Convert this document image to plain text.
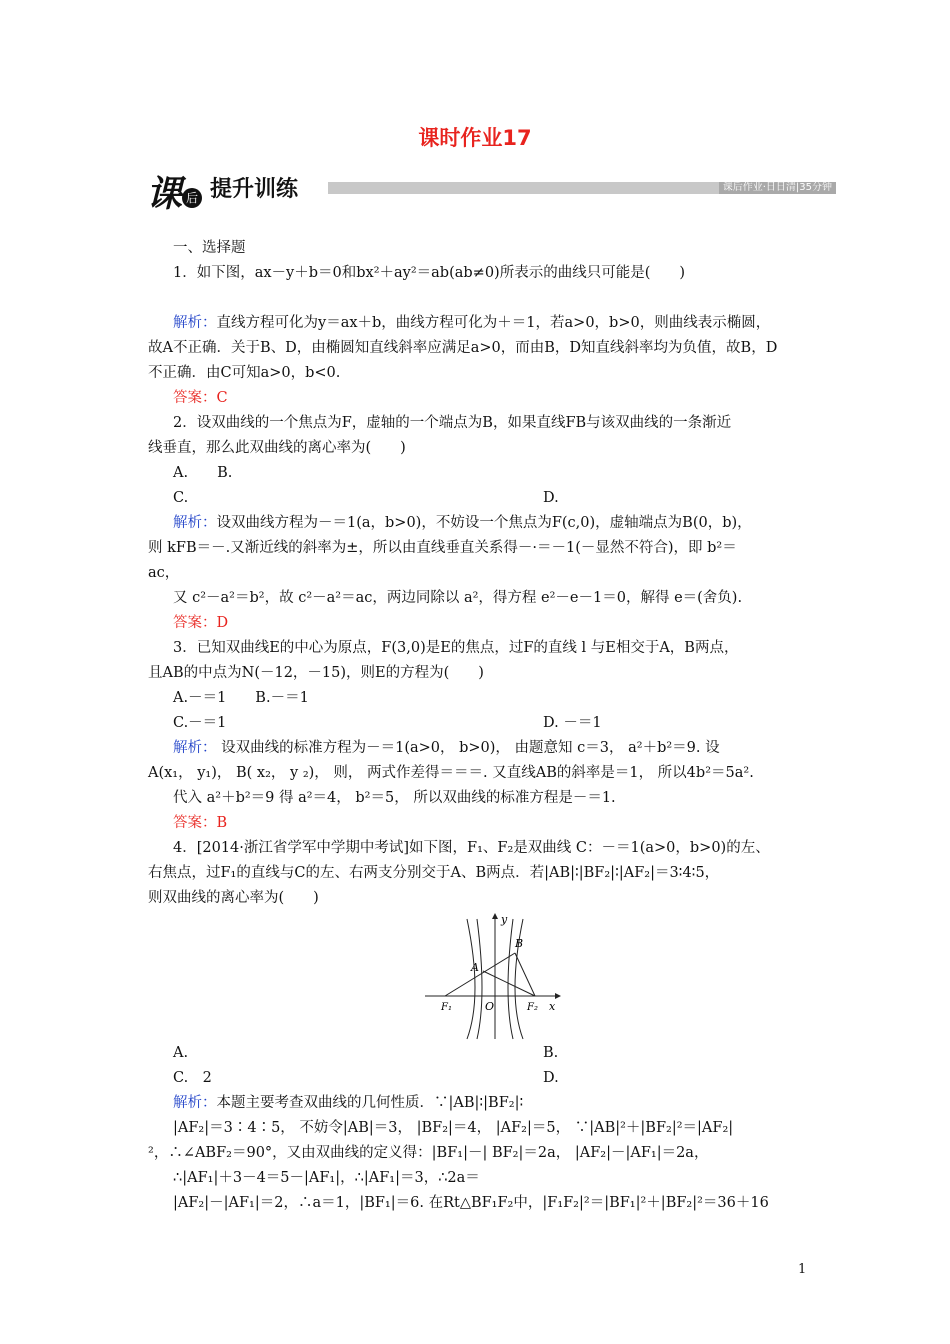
课时作业17
课 后 提升训练	课后作业·日日清|35分钟

一、选择题

1．如下图，ax－y＋b＝0和bx²＋ay²＝ab(ab≠0)所表示的曲线只可能是(　　)

解析：直线方程可化为y＝ax＋b，曲线方程可化为＋＝1，若a>0，b>0，则曲线表示椭圆，

故A不正确．关于B、D，由椭圆知直线斜率应满足a>0，而由B，D知直线斜率均为负值，故B，D

不正确．由C可知a>0，b<0.

答案：C

2．设双曲线的一个焦点为F，虚轴的一个端点为B，如果直线FB与该双曲线的一条渐近

线垂直，那么此双曲线的离心率为(　　)

A.　　B.

C.	D.

解析：设双曲线方程为－＝1(a，b>0)，不妨设一个焦点为F(c,0)，虚轴端点为B(0，b)，

则 kFB＝－.又渐近线的斜率为±，所以由直线垂直关系得－·＝－1(－显然不符合)，即 b²＝

ac，

又 c²－a²＝b²，故 c²－a²＝ac，两边同除以 a²，得方程 e²－e－1＝0，解得 e＝(舍负).

答案：D

3．已知双曲线E的中心为原点，F(3,0)是E的焦点，过F的直线 l 与E相交于A，B两点，

且AB的中点为N(－12，－15)，则E的方程为(　　)

A.－＝1　　B.－＝1

C.－＝1	D. －＝1

解析： 设双曲线的标准方程为－＝1(a>0， b>0)， 由题意知 c＝3， a²＋b²＝9. 设

A(x₁， y₁)， B( x₂， y ₂)， 则， 两式作差得＝＝＝. 又直线AB的斜率是＝1， 所以4b²＝5a².

代入 a²＋b²＝9 得 a²＝4， b²＝5， 所以双曲线的标准方程是－＝1.

答案：B

4．[2014·浙江省学军中学期中考试]如下图，F₁、F₂是双曲线 C：－＝1(a>0，b>0)的左、

右焦点，过F₁的直线与C的左、右两支分别交于A、B两点．若|AB|∶|BF₂|∶|AF₂|＝3∶4∶5，

则双曲线的离心率为(　　)

y
x
O
A
B
F₁	F₂
A.	B.
C.　2	D.

解析：本题主要考查双曲线的几何性质．∵|AB|∶|BF₂|∶

|AF₂|＝3∶4∶5， 不妨令|AB|＝3， |BF₂|＝4， |AF₂|＝5， ∵|AB|²＋|BF₂|²＝|AF₂|

²，∴∠ABF₂＝90°，又由双曲线的定义得：|BF₁|－| BF₂|＝2a， |AF₂|－|AF₁|＝2a，

∴|AF₁|＋3－4＝5－|AF₁|，∴|AF₁|＝3，∴2a＝

|AF₂|－|AF₁|＝2，∴a＝1，|BF₁|＝6. 在Rt△BF₁F₂中，|F₁F₂|²＝|BF₁|²＋|BF₂|²＝36＋16

1
